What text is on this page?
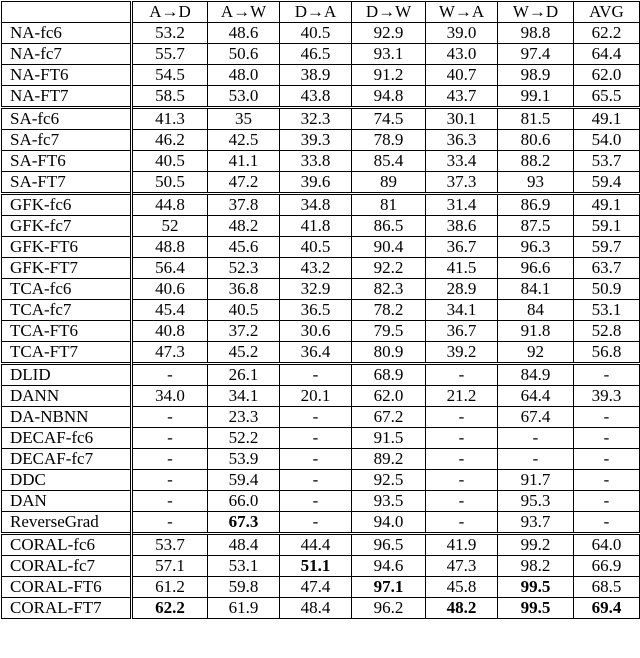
	A→D	A→W	D→A	D→W	W→A	W→D	AVG
NA-fc6	53.2	48.6	40.5	92.9	39.0	98.8	62.2
NA-fc7	55.7	50.6	46.5	93.1	43.0	97.4	64.4
NA-FT6	54.5	48.0	38.9	91.2	40.7	98.9	62.0
NA-FT7	58.5	53.0	43.8	94.8	43.7	99.1	65.5
SA-fc6	41.3	35	32.3	74.5	30.1	81.5	49.1
SA-fc7	46.2	42.5	39.3	78.9	36.3	80.6	54.0
SA-FT6	40.5	41.1	33.8	85.4	33.4	88.2	53.7
SA-FT7	50.5	47.2	39.6	89	37.3	93	59.4
GFK-fc6	44.8	37.8	34.8	81	31.4	86.9	49.1
GFK-fc7	52	48.2	41.8	86.5	38.6	87.5	59.1
GFK-FT6	48.8	45.6	40.5	90.4	36.7	96.3	59.7
GFK-FT7	56.4	52.3	43.2	92.2	41.5	96.6	63.7
TCA-fc6	40.6	36.8	32.9	82.3	28.9	84.1	50.9
TCA-fc7	45.4	40.5	36.5	78.2	34.1	84	53.1
TCA-FT6	40.8	37.2	30.6	79.5	36.7	91.8	52.8
TCA-FT7	47.3	45.2	36.4	80.9	39.2	92	56.8
DLID	-	26.1	-	68.9	-	84.9	-
DANN	34.0	34.1	20.1	62.0	21.2	64.4	39.3
DA-NBNN	-	23.3	-	67.2	-	67.4	-
DECAF-fc6	-	52.2	-	91.5	-	-	-
DECAF-fc7	-	53.9	-	89.2	-	-	-
DDC	-	59.4	-	92.5	-	91.7	-
DAN	-	66.0	-	93.5	-	95.3	-
ReverseGrad	-	67.3	-	94.0	-	93.7	-
CORAL-fc6	53.7	48.4	44.4	96.5	41.9	99.2	64.0
CORAL-fc7	57.1	53.1	51.1	94.6	47.3	98.2	66.9
CORAL-FT6	61.2	59.8	47.4	97.1	45.8	99.5	68.5
CORAL-FT7	62.2	61.9	48.4	96.2	48.2	99.5	69.4
